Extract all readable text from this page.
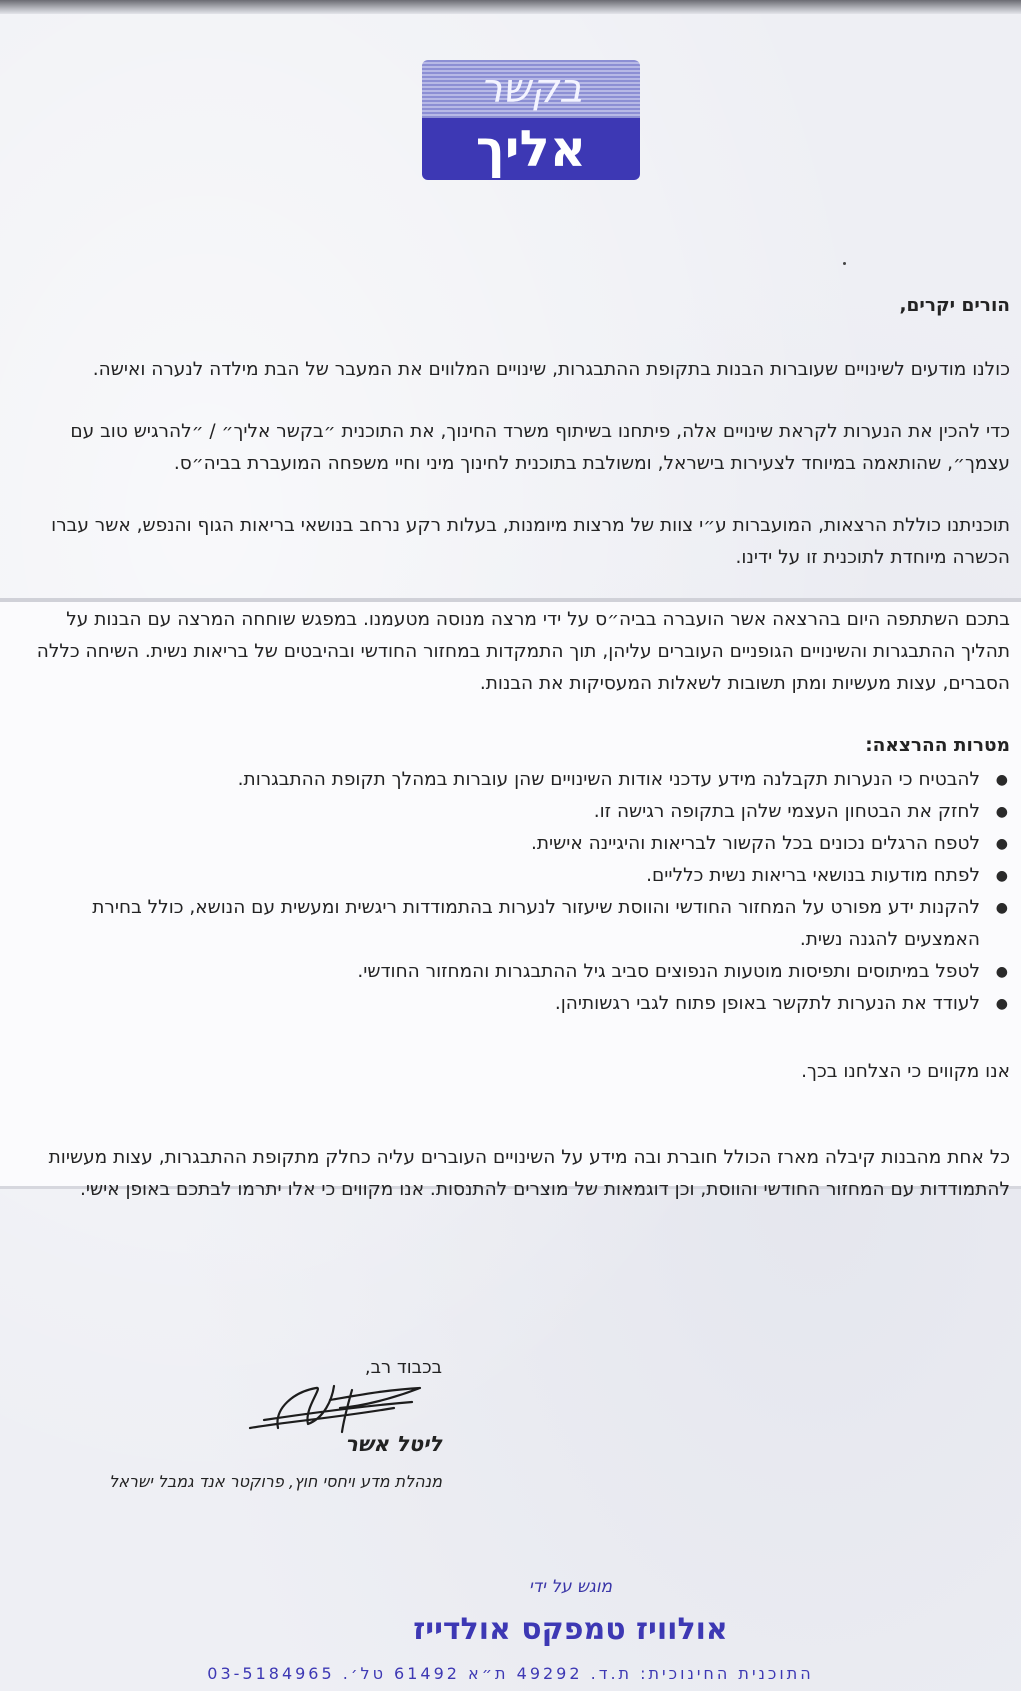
בקשר
אליך

הורים יקרים,

כולנו מודעים לשינויים שעוברות הבנות בתקופת ההתבגרות, שינויים המלווים את המעבר של הבת מילדה לנערה ואישה.

כדי להכין את הנערות לקראת שינויים אלה, פיתחנו בשיתוף משרד החינוך, את התוכנית ״בקשר אליך״ / ״להרגיש טוב עם עצמך״, שהותאמה במיוחד לצעירות בישראל, ומשולבת בתוכנית לחינוך מיני וחיי משפחה המועברת בביה״ס.

תוכניתנו כוללת הרצאות, המועברות ע״י צוות של מרצות מיומנות, בעלות רקע נרחב בנושאי בריאות הגוף והנפש, אשר עברו הכשרה מיוחדת לתוכנית זו על ידינו.

בתכם השתתפה היום בהרצאה אשר הועברה בביה״ס על ידי מרצה מנוסה מטעמנו. במפגש שוחחה המרצה עם הבנות על תהליך ההתבגרות והשינויים הגופניים העוברים עליהן, תוך התמקדות במחזור החודשי ובהיבטים של בריאות נשית. השיחה כללה הסברים, עצות מעשיות ומתן תשובות לשאלות המעסיקות את הבנות.

מטרות ההרצאה:
● להבטיח כי הנערות תקבלנה מידע עדכני אודות השינויים שהן עוברות במהלך תקופת ההתבגרות.
● לחזק את הבטחון העצמי שלהן בתקופה רגישה זו.
● לטפח הרגלים נכונים בכל הקשור לבריאות והיגיינה אישית.
● לפתח מודעות בנושאי בריאות נשית כלליים.
● להקנות ידע מפורט על המחזור החודשי והווסת שיעזור לנערות בהתמודדות ריגשית ומעשית עם הנושא, כולל בחירת האמצעים להגנה נשית.
● לטפל במיתוסים ותפיסות מוטעות הנפוצים סביב גיל ההתבגרות והמחזור החודשי.
● לעודד את הנערות לתקשר באופן פתוח לגבי רגשותיהן.

אנו מקווים כי הצלחנו בכך.

כל אחת מהבנות קיבלה מארז הכולל חוברת ובה מידע על השינויים העוברים עליה כחלק מתקופת ההתבגרות, עצות מעשיות להתמודדות עם המחזור החודשי והווסת, וכן דוגמאות של מוצרים להתנסות. אנו מקווים כי אלו יתרמו לבתכם באופן אישי.

בכבוד רב,
ליטל אשר
מנהלת מדע ויחסי חוץ, פרוקטר אנד גמבל ישראל
מוגש על ידי
אולוויז טמפקס אולדייז
התוכנית החינוכית: ת.ד. 49292 ת״א 61492 טל׳. 03-5184965
